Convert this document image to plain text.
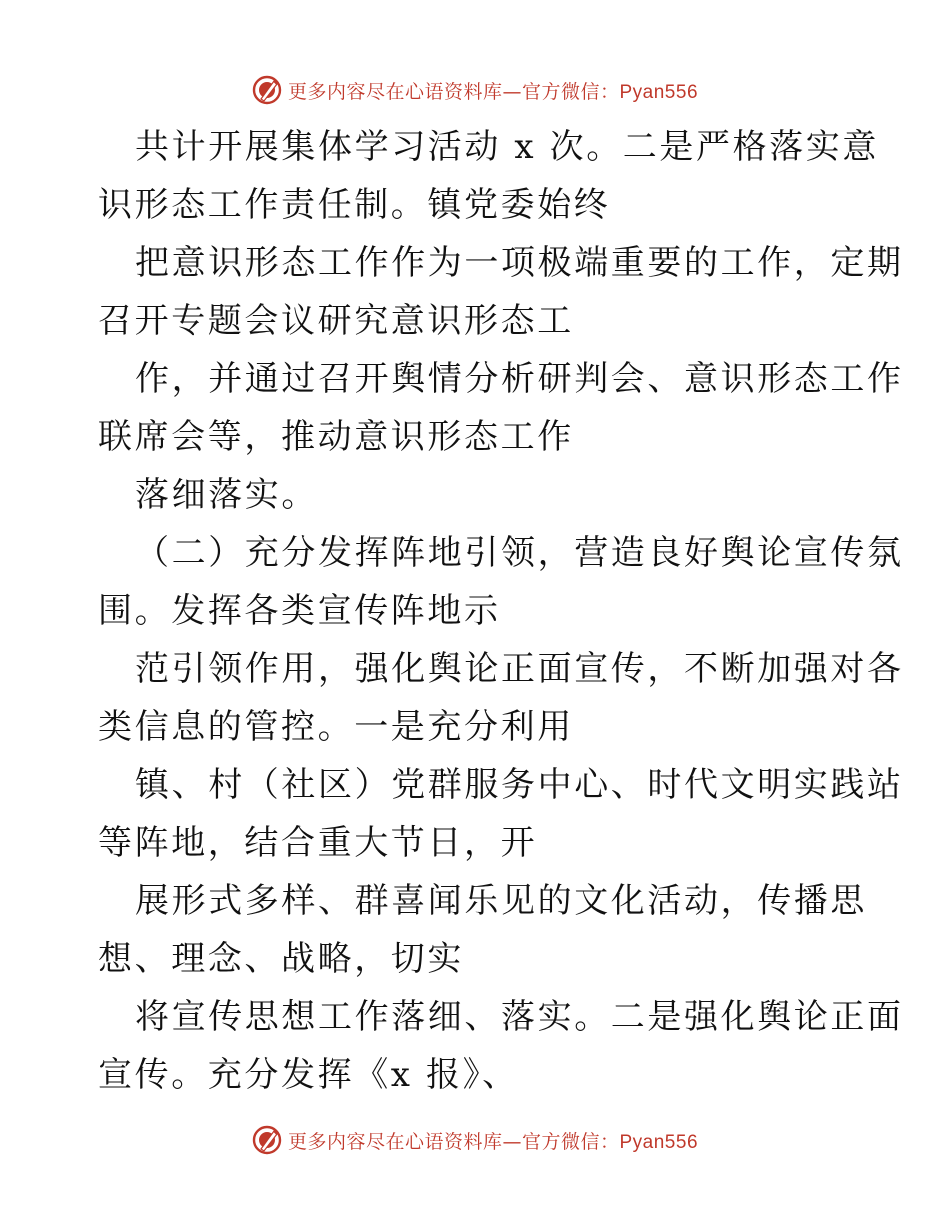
更多内容尽在心语资料库—官方微信：Pyan556
共计开展集体学习活动 x 次。二是严格落实意
识形态工作责任制。镇党委始终
把意识形态工作作为一项极端重要的工作，定期
召开专题会议研究意识形态工
作，并通过召开舆情分析研判会、意识形态工作
联席会等，推动意识形态工作
落细落实。
（二）充分发挥阵地引领，营造良好舆论宣传氛
围。发挥各类宣传阵地示
范引领作用，强化舆论正面宣传，不断加强对各
类信息的管控。一是充分利用
镇、村（社区）党群服务中心、时代文明实践站
等阵地，结合重大节日，开
展形式多样、群喜闻乐见的文化活动，传播思
想、理念、战略，切实
将宣传思想工作落细、落实。二是强化舆论正面
宣传。充分发挥《x 报》、
更多内容尽在心语资料库—官方微信：Pyan556
